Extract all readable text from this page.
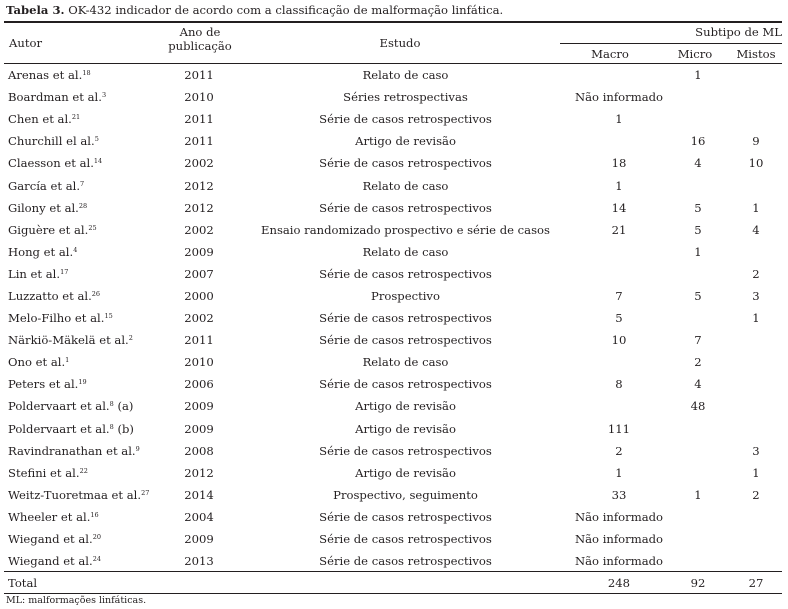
Tabela 3. OK-432 indicador de acordo com a classificação de malformação linfática.
Autor
Ano de
publicação	Estudo
Subtipo de ML
Macro	Micro	Mistos
Arenas et al.$^{18}$	2011	Relato de caso		1	
Boardman et al.$^3$	2010	Séries retrospectivas	Não informado		
Chen et al.$^{21}$	2011	Série de casos retrospectivos	1		
Churchill el al.$^5$	2011	Artigo de revisão		16	9
Claesson et al.$^{14}$	2002	Série de casos retrospectivos	18	4	10
García et al.$^7$	2012	Relato de caso	1		
Gilony et al.$^{28}$	2012	Série de casos retrospectivos	14	5	1
Giguère et al.$^{25}$	2002	Ensaio randomizado prospectivo e série de casos	21	5	4
Hong et al.$^4$	2009	Relato de caso		1	
Lin et al.$^{17}$	2007	Série de casos retrospectivos			2
Luzzatto et al.$^{26}$	2000	Prospectivo	7	5	3
Melo-Filho et al.$^{15}$	2002	Série de casos retrospectivos	5		1
Närkiö-Mäkelä et al.$^2$	2011	Série de casos retrospectivos	10	7	
Ono et al.$^1$	2010	Relato de caso		2	
Peters et al.$^{19}$	2006	Série de casos retrospectivos	8	4	
Poldervaart et al.$^8$ (a)	2009	Artigo de revisão		48	
Poldervaart et al.$^8$ (b)	2009	Artigo de revisão	111		
Ravindranathan et al.$^9$	2008	Série de casos retrospectivos	2		3
Stefini et al.$^{22}$	2012	Artigo de revisão	1		1
Weitz-Tuoretmaa et al.$^{27}$	2014	Prospectivo, seguimento	33	1	2
Wheeler et al.$^{16}$	2004	Série de casos retrospectivos	Não informado		
Wiegand et al.$^{20}$	2009	Série de casos retrospectivos	Não informado		
Wiegand et al.$^{24}$	2013	Série de casos retrospectivos	Não informado		
Total			248	92	27
ML: malformações linfáticas.
